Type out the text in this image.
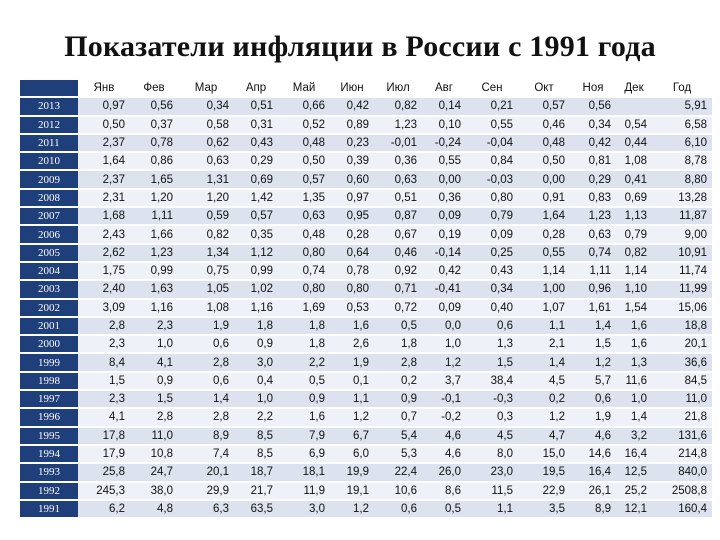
Показатели инфляции в России с 1991 года
	Янв	Фев	Мар	Апр	Май	Июн	Июл	Авг	Сен	Окт	Ноя	Дек	Год
2013	0,97	0,56	0,34	0,51	0,66	0,42	0,82	0,14	0,21	0,57	0,56		5,91
2012	0,50	0,37	0,58	0,31	0,52	0,89	1,23	0,10	0,55	0,46	0,34	0,54	6,58
2011	2,37	0,78	0,62	0,43	0,48	0,23	-0,01	-0,24	-0,04	0,48	0,42	0,44	6,10
2010	1,64	0,86	0,63	0,29	0,50	0,39	0,36	0,55	0,84	0,50	0,81	1,08	8,78
2009	2,37	1,65	1,31	0,69	0,57	0,60	0,63	0,00	-0,03	0,00	0,29	0,41	8,80
2008	2,31	1,20	1,20	1,42	1,35	0,97	0,51	0,36	0,80	0,91	0,83	0,69	13,28
2007	1,68	1,11	0,59	0,57	0,63	0,95	0,87	0,09	0,79	1,64	1,23	1,13	11,87
2006	2,43	1,66	0,82	0,35	0,48	0,28	0,67	0,19	0,09	0,28	0,63	0,79	9,00
2005	2,62	1,23	1,34	1,12	0,80	0,64	0,46	-0,14	0,25	0,55	0,74	0,82	10,91
2004	1,75	0,99	0,75	0,99	0,74	0,78	0,92	0,42	0,43	1,14	1,11	1,14	11,74
2003	2,40	1,63	1,05	1,02	0,80	0,80	0,71	-0,41	0,34	1,00	0,96	1,10	11,99
2002	3,09	1,16	1,08	1,16	1,69	0,53	0,72	0,09	0,40	1,07	1,61	1,54	15,06
2001	2,8	2,3	1,9	1,8	1,8	1,6	0,5	0,0	0,6	1,1	1,4	1,6	18,8
2000	2,3	1,0	0,6	0,9	1,8	2,6	1,8	1,0	1,3	2,1	1,5	1,6	20,1
1999	8,4	4,1	2,8	3,0	2,2	1,9	2,8	1,2	1,5	1,4	1,2	1,3	36,6
1998	1,5	0,9	0,6	0,4	0,5	0,1	0,2	3,7	38,4	4,5	5,7	11,6	84,5
1997	2,3	1,5	1,4	1,0	0,9	1,1	0,9	-0,1	-0,3	0,2	0,6	1,0	11,0
1996	4,1	2,8	2,8	2,2	1,6	1,2	0,7	-0,2	0,3	1,2	1,9	1,4	21,8
1995	17,8	11,0	8,9	8,5	7,9	6,7	5,4	4,6	4,5	4,7	4,6	3,2	131,6
1994	17,9	10,8	7,4	8,5	6,9	6,0	5,3	4,6	8,0	15,0	14,6	16,4	214,8
1993	25,8	24,7	20,1	18,7	18,1	19,9	22,4	26,0	23,0	19,5	16,4	12,5	840,0
1992	245,3	38,0	29,9	21,7	11,9	19,1	10,6	8,6	11,5	22,9	26,1	25,2	2508,8
1991	6,2	4,8	6,3	63,5	3,0	1,2	0,6	0,5	1,1	3,5	8,9	12,1	160,4
